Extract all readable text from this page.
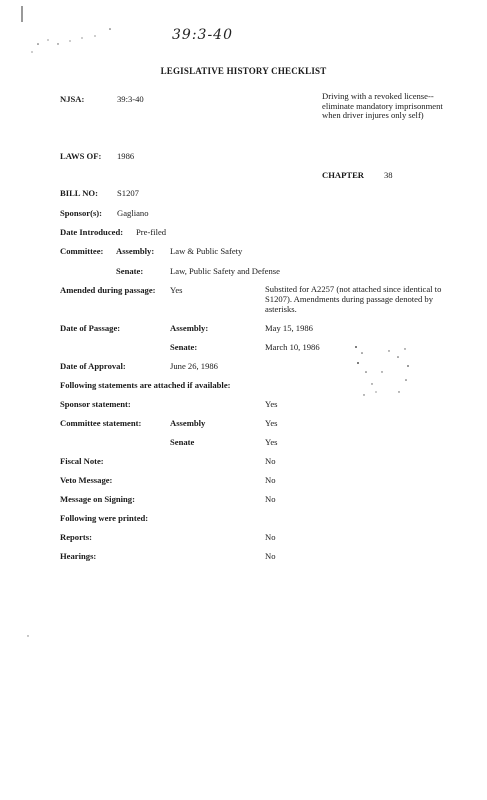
39:3-40
LEGISLATIVE HISTORY CHECKLIST
NJSA:	39:3-40	Driving with a revoked license--eliminate mandatory imprisonment when driver injures only self)
LAWS OF: 1986
CHAPTER 38
BILL NO: S1207
Sponsor(s): Gagliano
Date Introduced: Pre-filed
Committee: Assembly: Law & Public Safety
Senate:	Law, Public Safety and Defense
Amended during passage: Yes	Substited for A2257 (not attached since identical to S1207). Amendments during passage denoted by asterisks.
Date of Passage:	Assembly:	May 15, 1986
Senate:	March 10, 1986
Date of Approval:	June 26, 1986
Following statements are attached if available:
Sponsor statement:	Yes
Committee statement:	Assembly	Yes
Senate	Yes
Fiscal Note:	No
Veto Message:	No
Message on Signing:	No
Following were printed:
Reports:	No
Hearings:	No
